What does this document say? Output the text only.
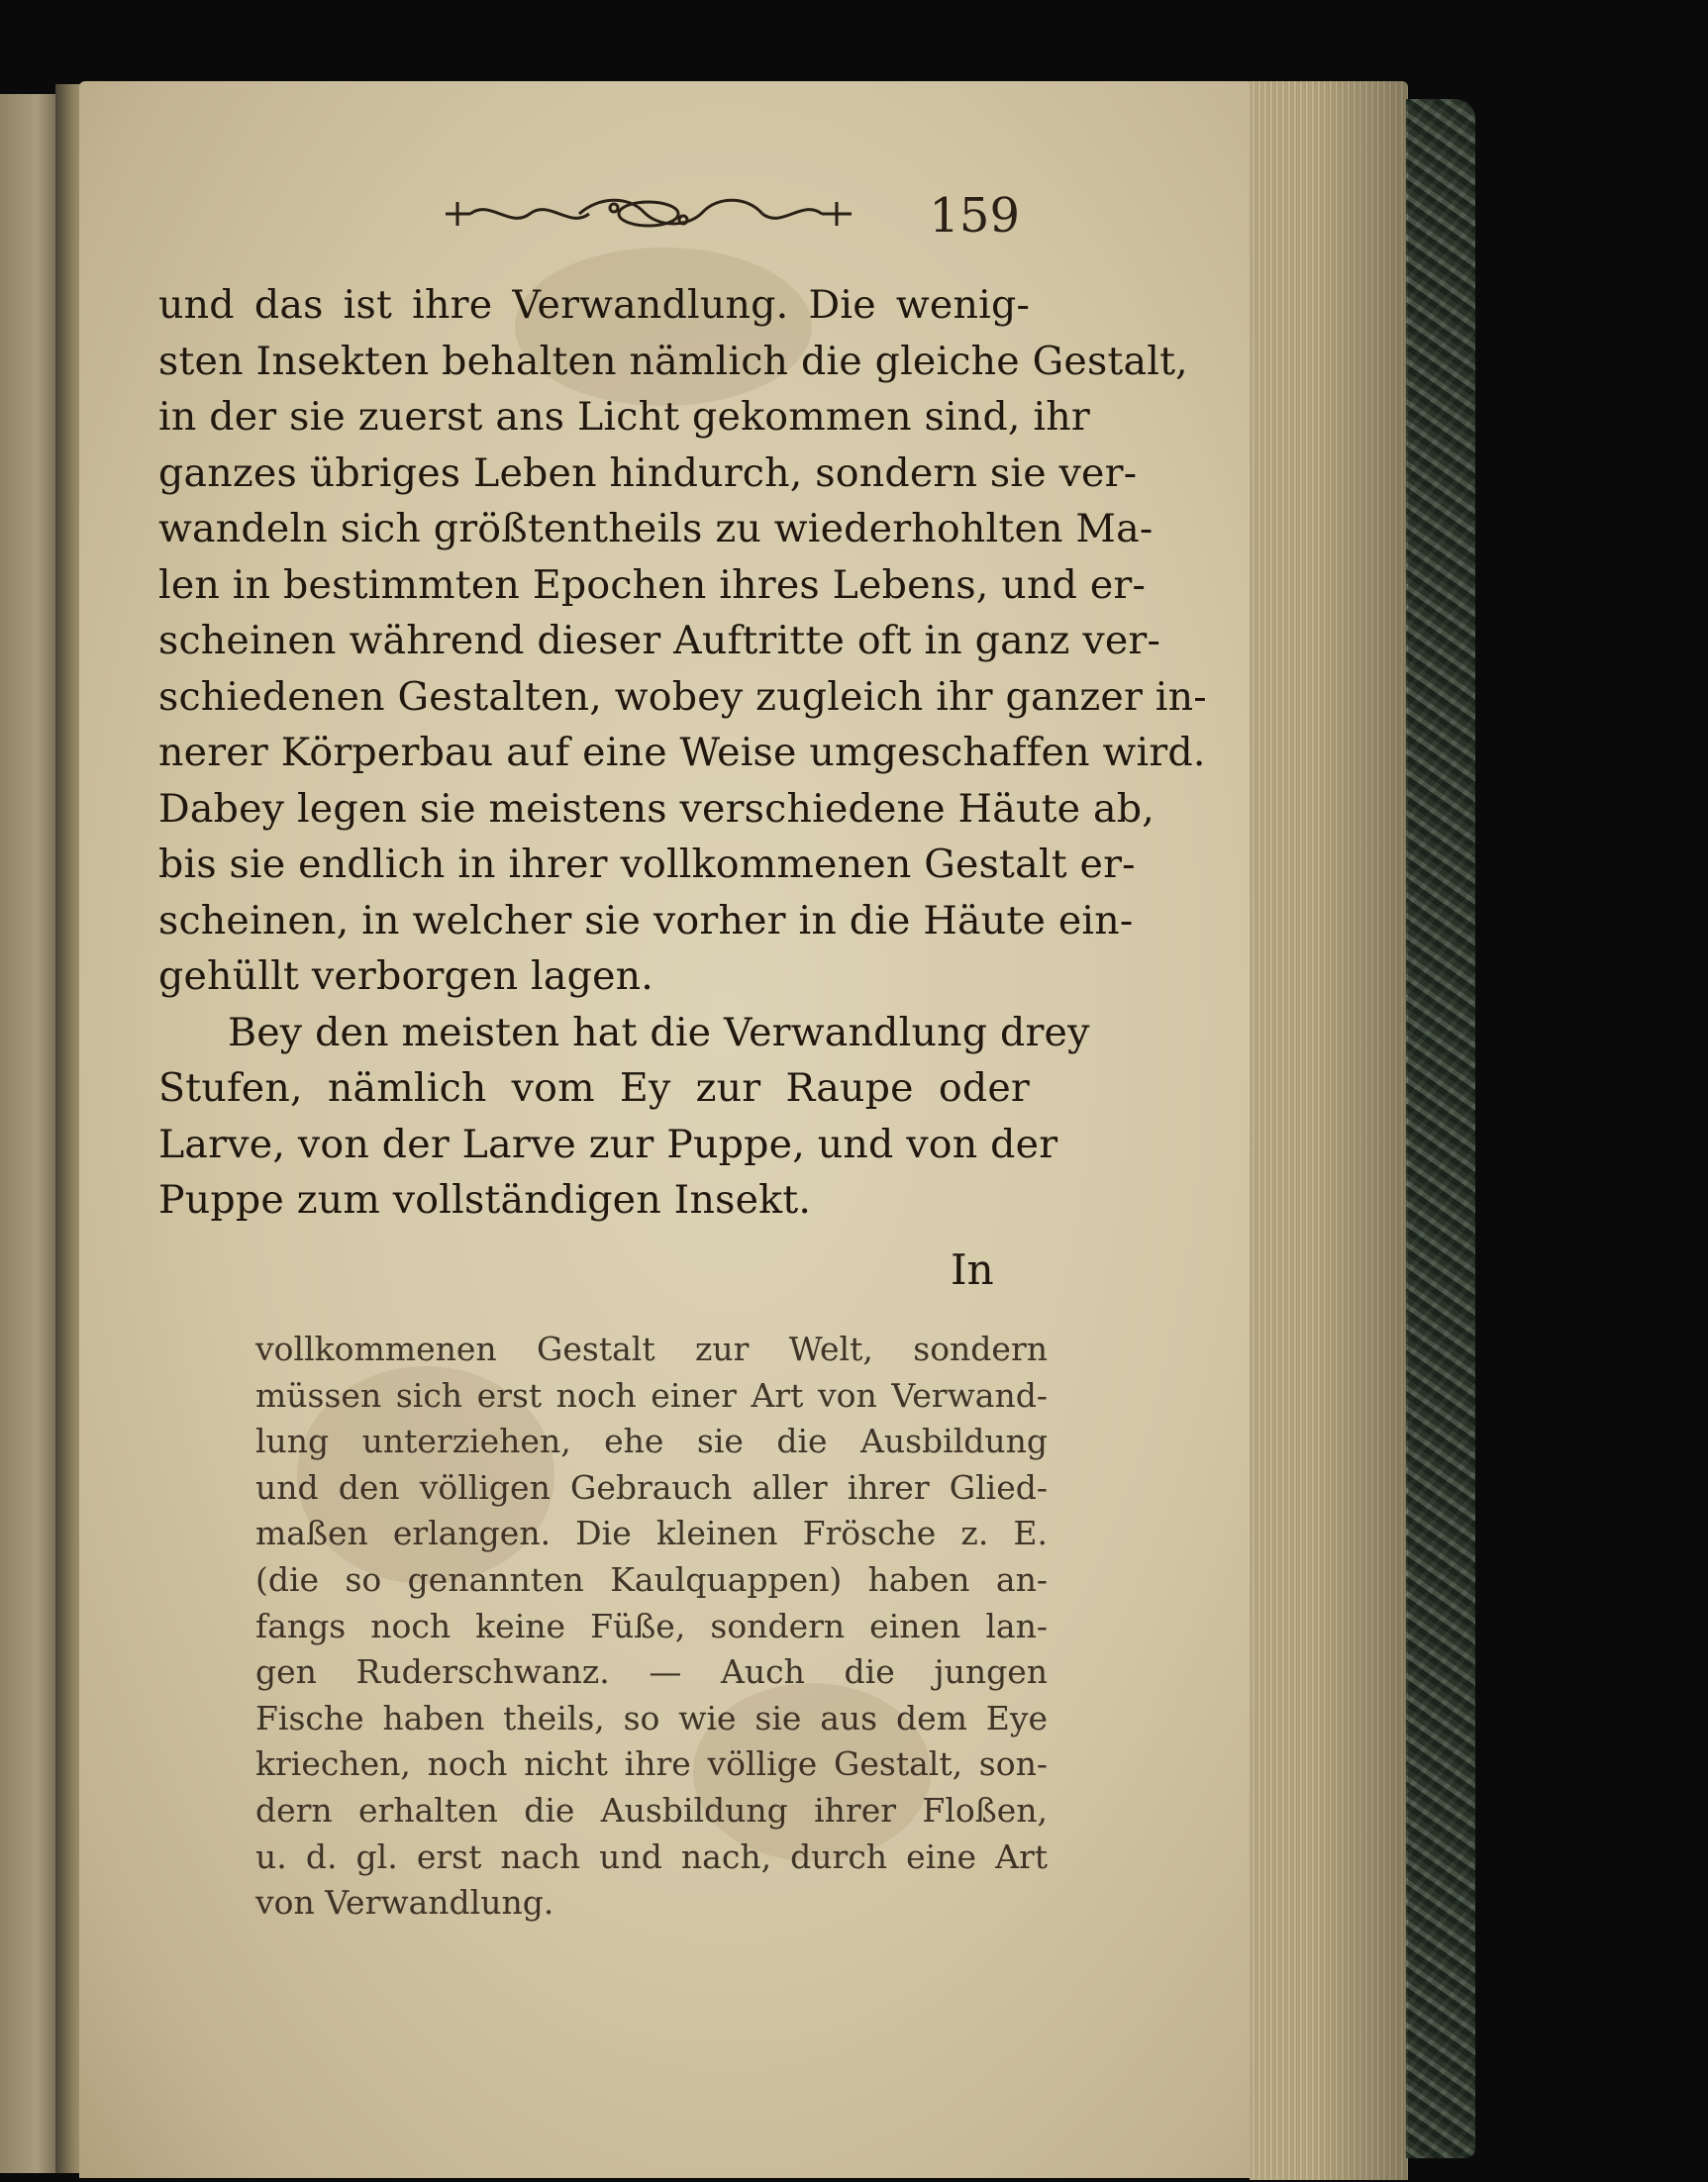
159

und das ist ihre Verwandlung. Die wenig-
sten Insekten behalten nämlich die gleiche Gestalt,
in der sie zuerst ans Licht gekommen sind, ihr
ganzes übriges Leben hindurch, sondern sie ver-
wandeln sich größtentheils zu wiederhohlten Ma-
len in bestimmten Epochen ihres Lebens, und er-
scheinen während dieser Auftritte oft in ganz ver-
schiedenen Gestalten, wobey zugleich ihr ganzer in-
nerer Körperbau auf eine Weise umgeschaffen wird.
Dabey legen sie meistens verschiedene Häute ab,
bis sie endlich in ihrer vollkommenen Gestalt er-
scheinen, in welcher sie vorher in die Häute ein-
gehüllt verborgen lagen.

Bey den meisten hat die Verwandlung drey
Stufen, nämlich vom Ey zur Raupe oder
Larve, von der Larve zur Puppe, und von der
Puppe zum vollständigen Insekt.

In
vollkommenen Gestalt zur Welt, sondern
müssen sich erst noch einer Art von Verwand-
lung unterziehen, ehe sie die Ausbildung
und den völligen Gebrauch aller ihrer Glied-
maßen erlangen. Die kleinen Frösche z. E.
(die so genannten Kaulquappen) haben an-
fangs noch keine Füße, sondern einen lan-
gen Ruderschwanz. — Auch die jungen
Fische haben theils, so wie sie aus dem Eye
kriechen, noch nicht ihre völlige Gestalt, son-
dern erhalten die Ausbildung ihrer Floßen,
u. d. gl. erst nach und nach, durch eine Art
von Verwandlung.
